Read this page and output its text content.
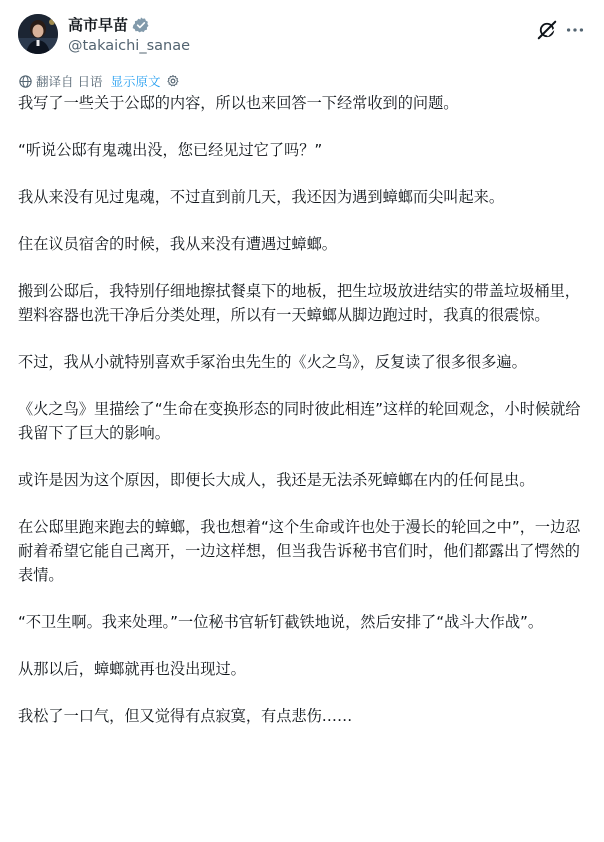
高市早苗
@takaichi_sanae
翻译自 日语 显示原文

我写了一些关于公邸的内容，所以也来回答一下经常收到的问题。

“听说公邸有鬼魂出没，您已经见过它了吗？”

我从来没有见过鬼魂，不过直到前几天，我还因为遇到蟑螂而尖叫起来。

住在议员宿舍的时候，我从来没有遭遇过蟑螂。

搬到公邸后，我特别仔细地擦拭餐桌下的地板，把生垃圾放进结实的带盖垃圾桶里，塑料容器也洗干净后分类处理，所以有一天蟑螂从脚边跑过时，我真的很震惊。

不过，我从小就特别喜欢手冢治虫先生的《火之鸟》，反复读了很多很多遍。

《火之鸟》里描绘了“生命在变换形态的同时彼此相连”这样的轮回观念，小时候就给我留下了巨大的影响。

或许是因为这个原因，即便长大成人，我还是无法杀死蟑螂在内的任何昆虫。

在公邸里跑来跑去的蟑螂，我也想着“这个生命或许也处于漫长的轮回之中”，一边忍耐着希望它能自己离开，一边这样想，但当我告诉秘书官们时，他们都露出了愕然的表情。

“不卫生啊。我来处理。”一位秘书官斩钉截铁地说，然后安排了“战斗大作战”。

从那以后，蟑螂就再也没出现过。

我松了一口气，但又觉得有点寂寞，有点悲伤……
